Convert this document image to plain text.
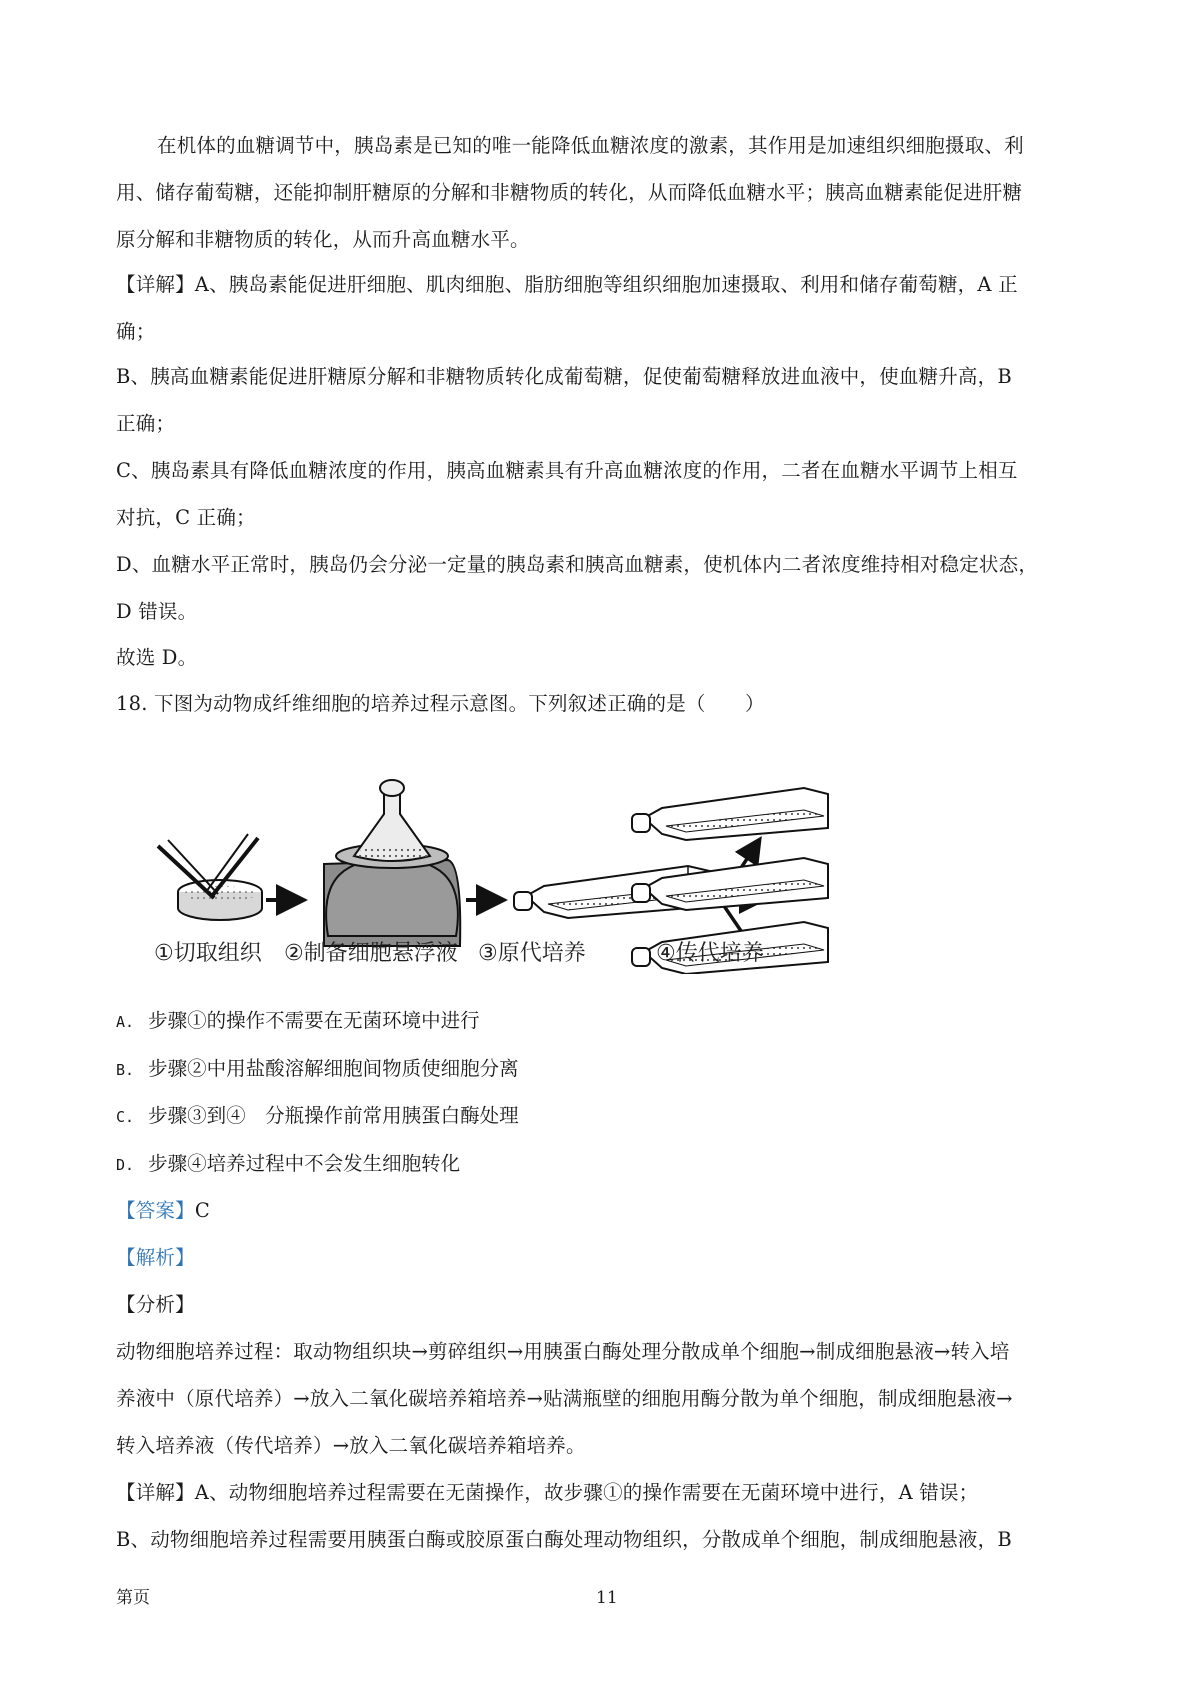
在机体的血糖调节中，胰岛素是已知的唯一能降低血糖浓度的激素，其作用是加速组织细胞摄取、利
用、储存葡萄糖，还能抑制肝糖原的分解和非糖物质的转化，从而降低血糖水平；胰高血糖素能促进肝糖
原分解和非糖物质的转化，从而升高血糖水平。
【详解】A、胰岛素能促进肝细胞、肌肉细胞、脂肪细胞等组织细胞加速摄取、利用和储存葡萄糖，A 正
确；
B、胰高血糖素能促进肝糖原分解和非糖物质转化成葡萄糖，促使葡萄糖释放进血液中，使血糖升高，B
正确；
C、胰岛素具有降低血糖浓度的作用，胰高血糖素具有升高血糖浓度的作用，二者在血糖水平调节上相互
对抗，C 正确；
D、血糖水平正常时，胰岛仍会分泌一定量的胰岛素和胰高血糖素，使机体内二者浓度维持相对稳定状态，
D 错误。
故选 D。
18. 下图为动物成纤维细胞的培养过程示意图。下列叙述正确的是（　　）
①切取组织 ②制备细胞悬浮液 ③原代培养	④传代培养
A. 步骤①的操作不需要在无菌环境中进行
B. 步骤②中用盐酸溶解细胞间物质使细胞分离
C. 步骤③到④　分瓶操作前常用胰蛋白酶处理
D. 步骤④培养过程中不会发生细胞转化
【答案】C
【解析】
【分析】
动物细胞培养过程：取动物组织块→剪碎组织→用胰蛋白酶处理分散成单个细胞→制成细胞悬液→转入培
养液中（原代培养）→放入二氧化碳培养箱培养→贴满瓶壁的细胞用酶分散为单个细胞，制成细胞悬液→
转入培养液（传代培养）→放入二氧化碳培养箱培养。
【详解】A、动物细胞培养过程需要在无菌操作，故步骤①的操作需要在无菌环境中进行，A 错误；
B、动物细胞培养过程需要用胰蛋白酶或胶原蛋白酶处理动物组织，分散成单个细胞，制成细胞悬液，B
第页	11
